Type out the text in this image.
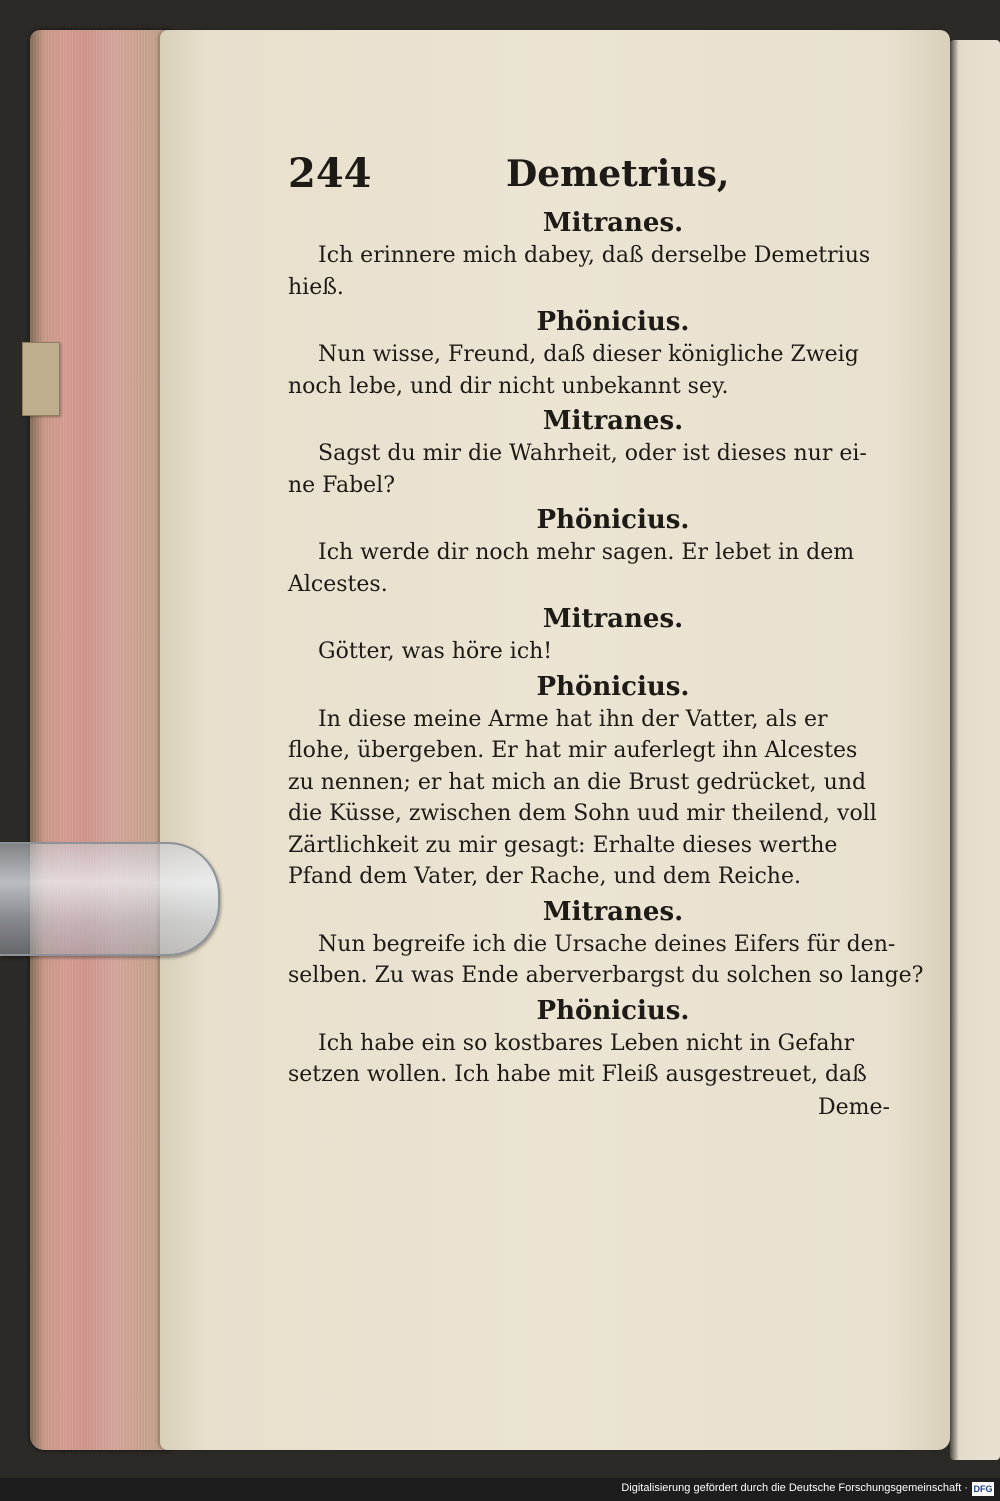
244	Demetrius,
Mitranes.
Ich erinnere mich dabey, daß derselbe Demetrius
hieß.
Phönicius.
Nun wisse, Freund, daß dieser königliche Zweig
noch lebe, und dir nicht unbekannt sey.
Mitranes.
Sagst du mir die Wahrheit, oder ist dieses nur ei-
ne Fabel?
Phönicius.
Ich werde dir noch mehr sagen. Er lebet in dem
Alcestes.
Mitranes.
Götter, was höre ich!
Phönicius.
In diese meine Arme hat ihn der Vatter, als er
flohe, übergeben. Er hat mir auferlegt ihn Alcestes
zu nennen; er hat mich an die Brust gedrücket, und
die Küsse, zwischen dem Sohn uud mir theilend, voll
Zärtlichkeit zu mir gesagt: Erhalte dieses werthe
Pfand dem Vater, der Rache, und dem Reiche.
Mitranes.
Nun begreife ich die Ursache deines Eifers für den-
selben. Zu was Ende aberverbargst du solchen so lange?
Phönicius.
Ich habe ein so kostbares Leben nicht in Gefahr
setzen wollen. Ich habe mit Fleiß ausgestreuet, daß
Deme-
Digitalisierung gefördert durch die Deutsche Forschungsgemeinschaft · DFG
